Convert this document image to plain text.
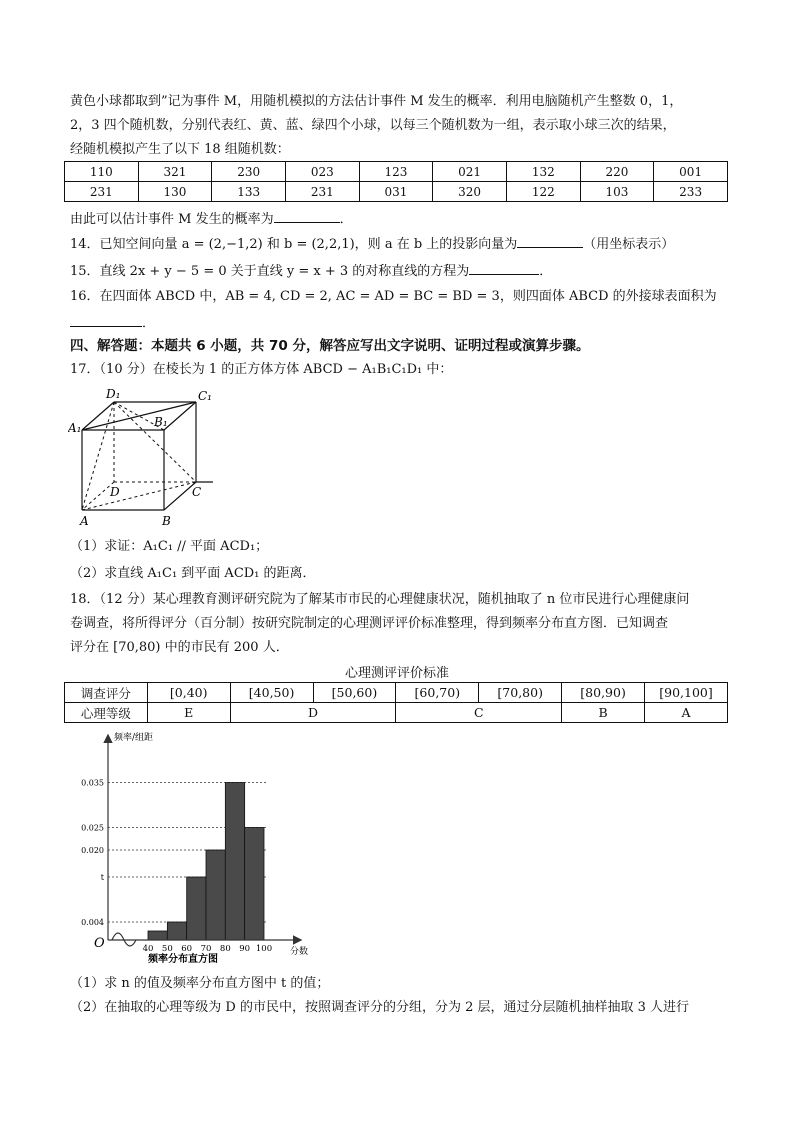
黄色小球都取到”记为事件 M，用随机模拟的方法估计事件 M 发生的概率．利用电脑随机产生整数 0，1，
2，3 四个随机数，分别代表红、黄、蓝、绿四个小球，以每三个随机数为一组，表示取小球三次的结果，
经随机模拟产生了以下 18 组随机数：
110	321	230	023	123	021	132	220	001
231	130	133	231	031	320	122	103	233
由此可以估计事件 M 发生的概率为	．
14．已知空间向量 a = (2,−1,2) 和 b = (2,2,1)，则 a 在 b 上的投影向量为	（用坐标表示）
15．直线 2x + y − 5 = 0 关于直线 y = x + 3 的对称直线的方程为	．
16．在四面体 ABCD 中，AB = 4, CD = 2, AC = AD = BC = BD = 3，则四面体 ABCD 的外接球表面积为
．
四、解答题：本题共 6 小题，共 70 分，解答应写出文字说明、证明过程或演算步骤。
17．（10 分）在棱长为 1 的正方体方体 ABCD − A₁B₁C₁D₁ 中：
D₁	C₁
A₁	B₁
D	C
A	B
（1）求证：A₁C₁ // 平面 ACD₁；
（2）求直线 A₁C₁ 到平面 ACD₁ 的距离．
18．（12 分）某心理教育测评研究院为了解某市市民的心理健康状况，随机抽取了 n 位市民进行心理健康问
卷调查，将所得评分（百分制）按研究院制定的心理测评评价标准整理，得到频率分布直方图．已知调查
评分在 [70,80) 中的市民有 200 人．
心理测评评价标准
调查评分	[0,40)	[40,50)	[50,60)	[60,70)	[70,80)	[80,90)	[90,100]
心理等级	E	D		C		B	A
0.035
0.025
0.020
t
0.004
40 50 60 70 80 90 100
频率/组距
分数
O
频率分布直方图
（1）求 n 的值及频率分布直方图中 t 的值；
（2）在抽取的心理等级为 D 的市民中，按照调查评分的分组，分为 2 层，通过分层随机抽样抽取 3 人进行
